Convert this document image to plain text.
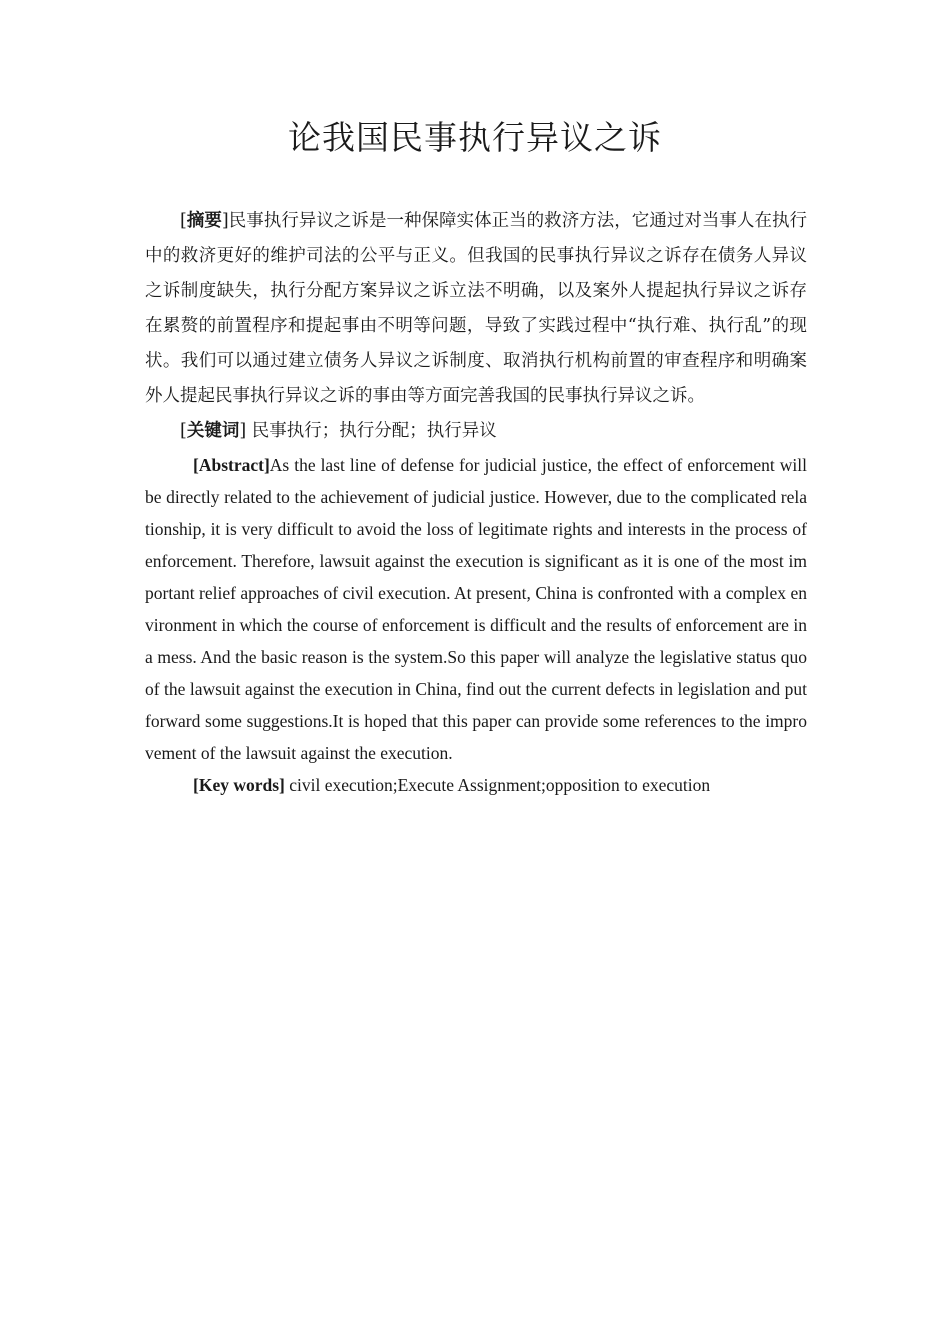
论我国民事执行异议之诉

[摘要]民事执行异议之诉是一种保障实体正当的救济方法，它通过对当事人在执行中的救济更好的维护司法的公平与正义。但我国的民事执行异议之诉存在债务人异议之诉制度缺失，执行分配方案异议之诉立法不明确，以及案外人提起执行异议之诉存在累赘的前置程序和提起事由不明等问题，导致了实践过程中“执行难、执行乱”的现状。我们可以通过建立债务人异议之诉制度、取消执行机构前置的审查程序和明确案外人提起民事执行异议之诉的事由等方面完善我国的民事执行异议之诉。

[关键词] 民事执行；执行分配；执行异议

[Abstract]As the last line of defense for judicial justice, the effect of enforcement will be directly related to the achievement of judicial justice. However, due to the complicated relationship, it is very difficult to avoid the loss of legitimate rights and interests in the process of enforcement. Therefore, lawsuit against the execution is significant as it is one of the most important relief approaches of civil execution. At present, China is confronted with a complex environment in which the course of enforcement is difficult and the results of enforcement are in a mess. And the basic reason is the system.So this paper will analyze the legislative status quo of the lawsuit against the execution in China, find out the current defects in legislation and put forward some suggestions.It is hoped that this paper can provide some references to the improvement of the lawsuit against the execution.

[Key words] civil execution;Execute Assignment;opposition to execution
